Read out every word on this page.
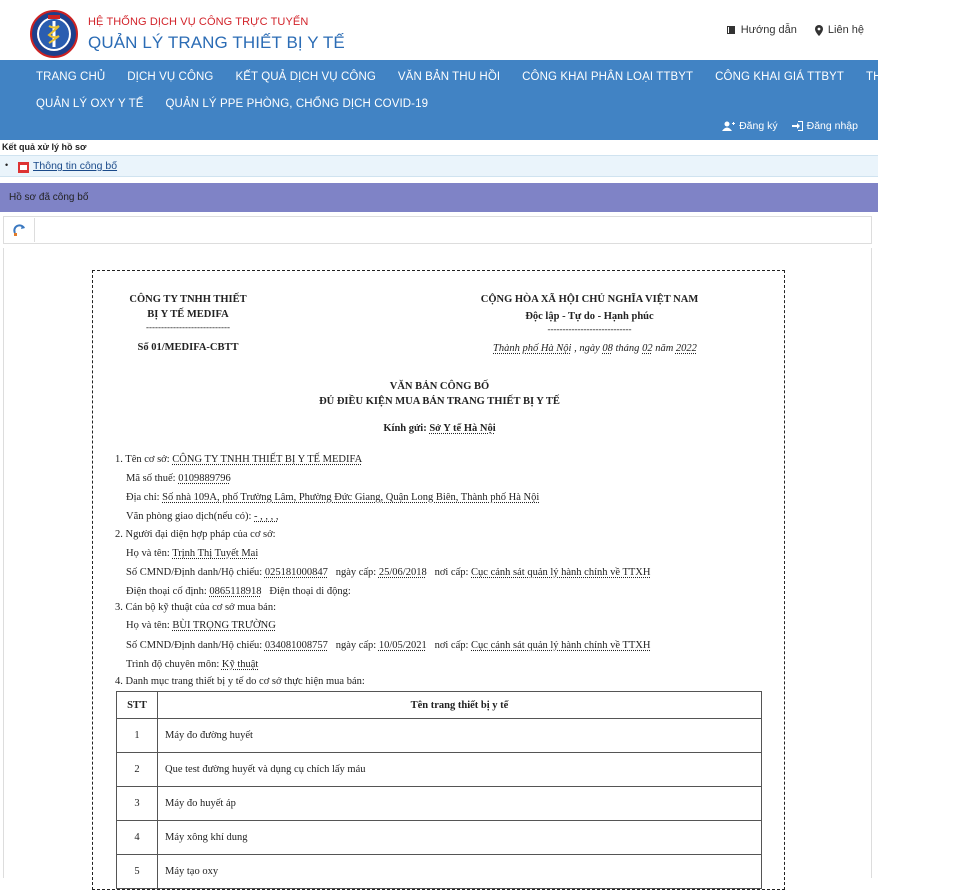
HỆ THỐNG DỊCH VỤ CÔNG TRỰC TUYẾN
QUẢN LÝ TRANG THIẾT BỊ Y TẾ
Hướng dẫn	Liên hệ
TRANG CHỦ	DỊCH VỤ CÔNG	KẾT QUẢ DỊCH VỤ CÔNG	VĂN BẢN THU HỒI	CÔNG KHAI PHÂN LOẠI TTBYT	CÔNG KHAI GIÁ TTBYT	THỐNG KÊ TTBYT
QUẢN LÝ OXY Y TẾ	QUẢN LÝ PPE PHÒNG, CHỐNG DỊCH COVID-19
Đăng ký	Đăng nhập
Kết quả xử lý hồ sơ
• Thông tin công bố
Hồ sơ đã công bố
CÔNG TY TNHH THIẾT
BỊ Y TẾ MEDIFA
----------------------------
Số 01/MEDIFA-CBTT
CỘNG HÒA XÃ HỘI CHỦ NGHĨA VIỆT NAM
Độc lập - Tự do - Hạnh phúc
----------------------------
Thành phố Hà Nội , ngày 08 tháng 02 năm 2022
VĂN BẢN CÔNG BỐ
ĐỦ ĐIỀU KIỆN MUA BÁN TRANG THIẾT BỊ Y TẾ
Kính gửi: Sở Y tế Hà Nội
1. Tên cơ sở: CÔNG TY TNHH THIẾT BỊ Y TẾ MEDIFA
Mã số thuế: 0109889796
Địa chỉ: Số nhà 109A, phố Trường Lâm, Phường Đức Giang, Quận Long Biên, Thành phố Hà Nội
Văn phòng giao dịch(nếu có): - , , , ,
2. Người đại diện hợp pháp của cơ sở:
Họ và tên: Trịnh Thị Tuyết Mai
Số CMND/Định danh/Hộ chiếu: 025181000847 ngày cấp: 25/06/2018 nơi cấp: Cục cảnh sát quản lý hành chính về TTXH
Điện thoại cố định: 0865118918 Điện thoại di động:
3. Cán bộ kỹ thuật của cơ sở mua bán:
Họ và tên: BÙI TRỌNG TRƯỜNG
Số CMND/Định danh/Hộ chiếu: 034081008757 ngày cấp: 10/05/2021 nơi cấp: Cục cảnh sát quản lý hành chính về TTXH
Trình độ chuyên môn: Kỹ thuật
4. Danh mục trang thiết bị y tế do cơ sở thực hiện mua bán:
STT	Tên trang thiết bị y tế
1	Máy đo đường huyết
2	Que test đường huyết và dụng cụ chích lấy máu
3	Máy đo huyết áp
4	Máy xông khí dung
5	Máy tạo oxy
